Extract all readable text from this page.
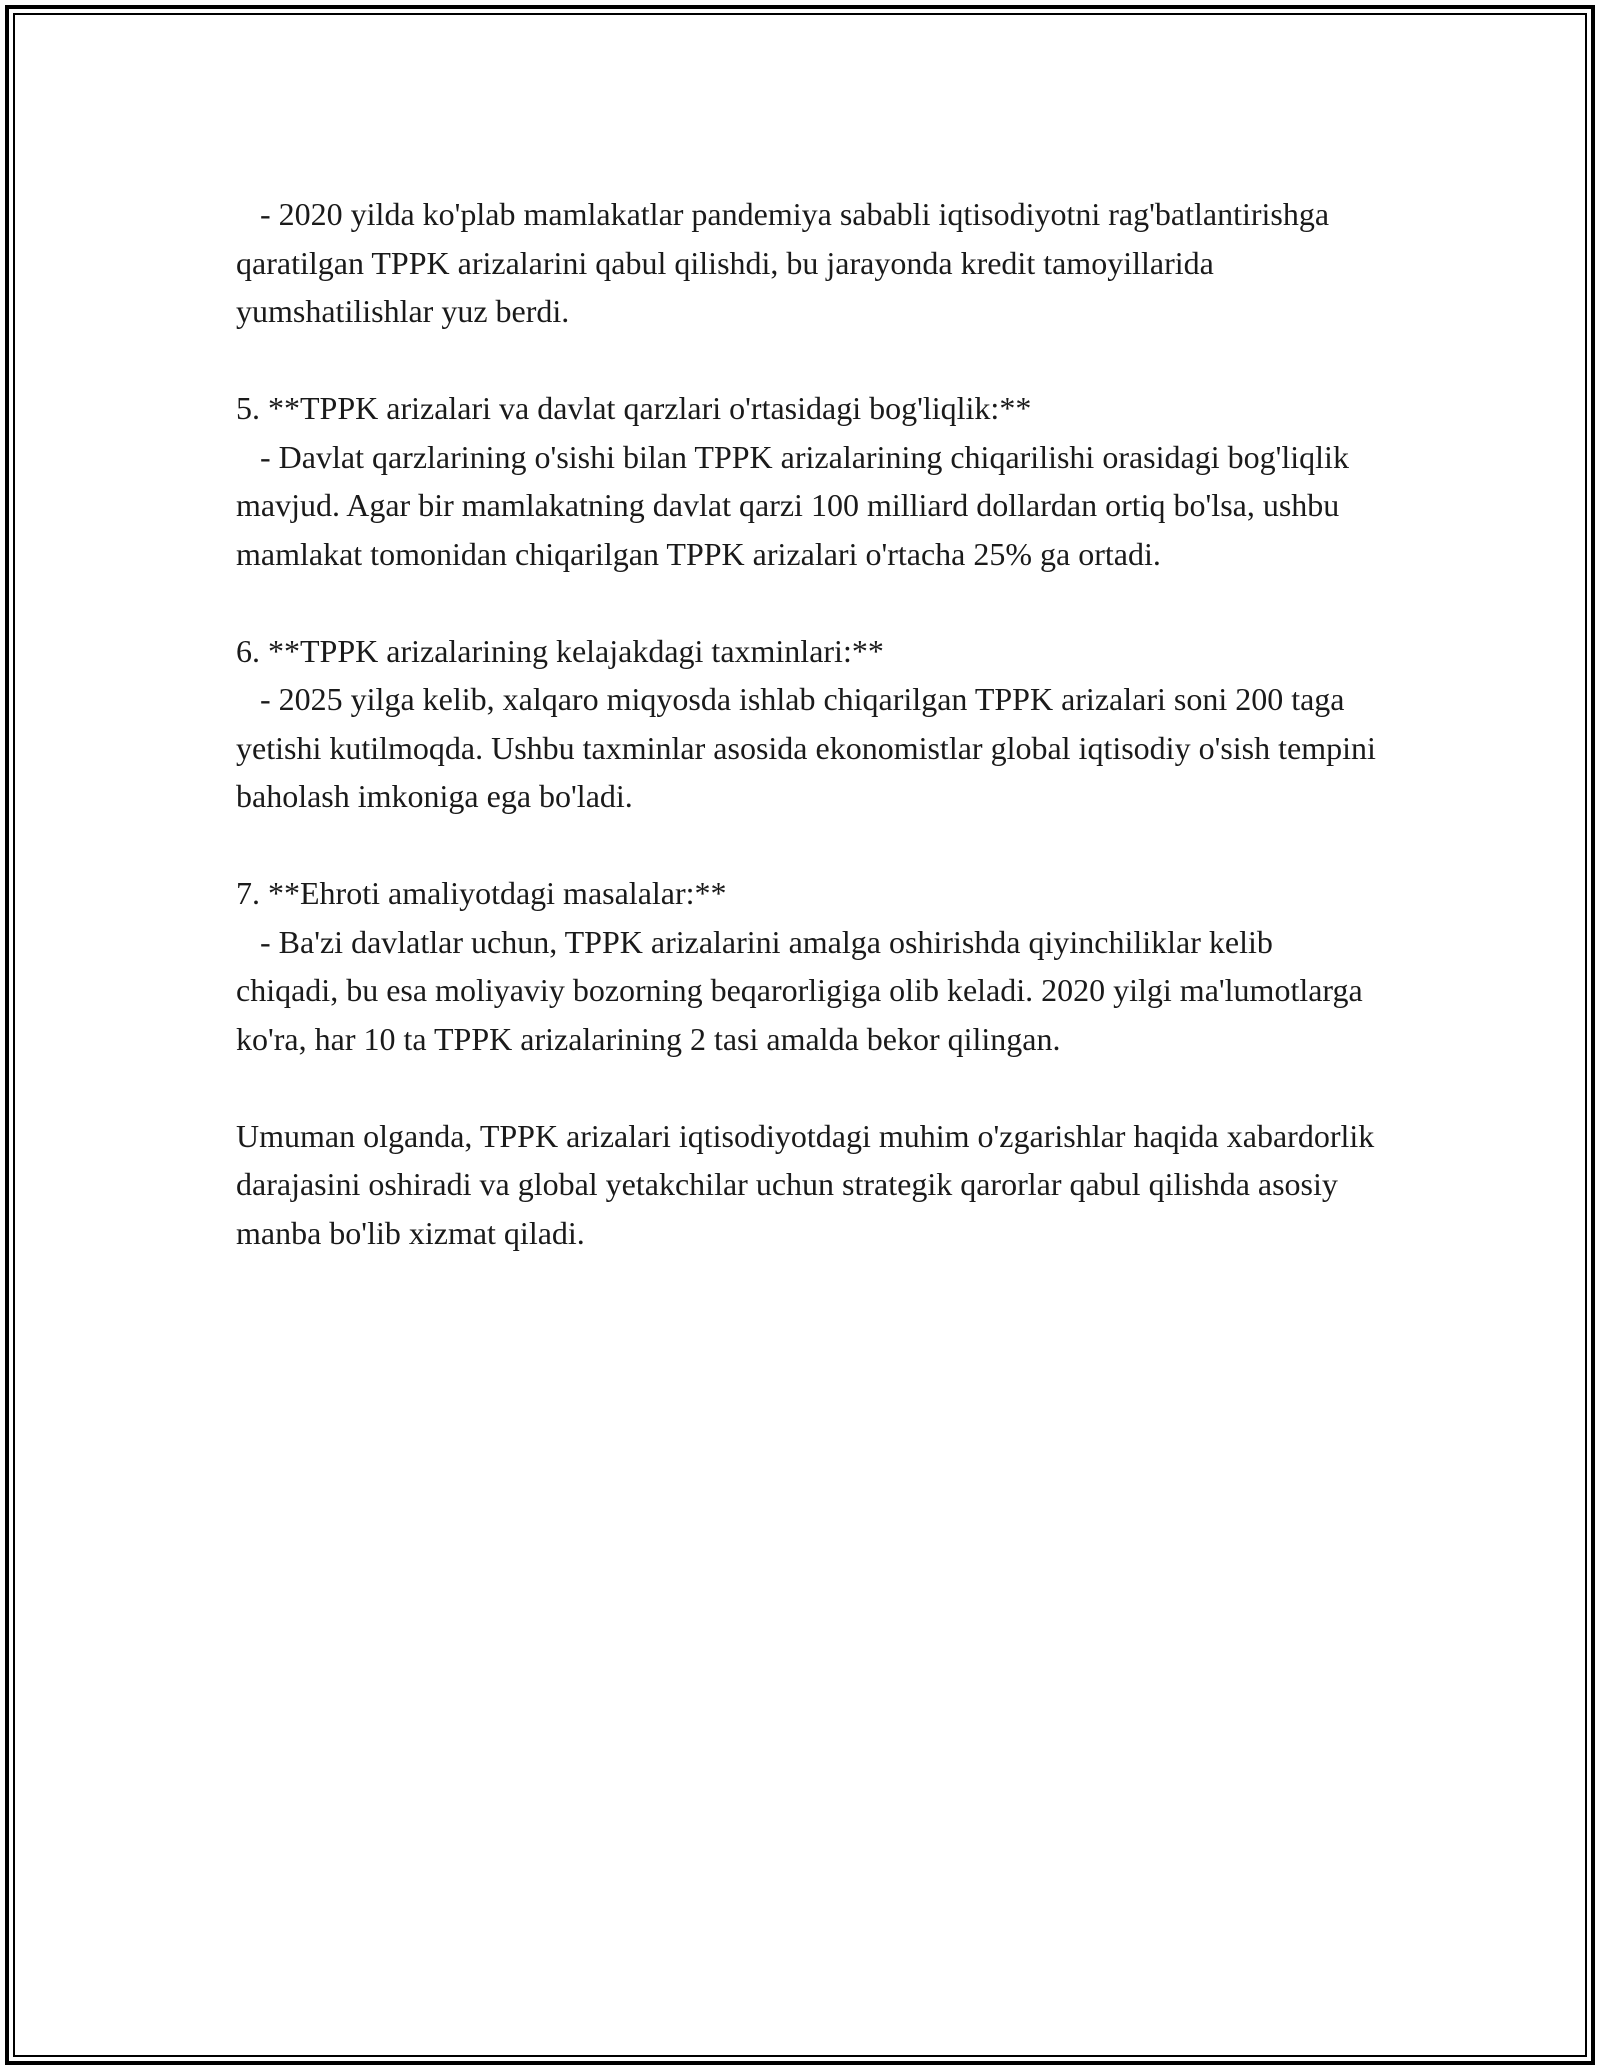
- 2020 yilda ko'plab mamlakatlar pandemiya sababli iqtisodiyotni rag'batlantirishga qaratilgan TPPK arizalarini qabul qilishdi, bu jarayonda kredit tamoyillarida yumshatilishlar yuz berdi.

5. **TPPK arizalari va davlat qarzlari o'rtasidagi bog'liqlik:**

- Davlat qarzlarining o'sishi bilan TPPK arizalarining chiqarilishi orasidagi bog'liqlik mavjud. Agar bir mamlakatning davlat qarzi 100 milliard dollardan ortiq bo'lsa, ushbu mamlakat tomonidan chiqarilgan TPPK arizalari o'rtacha 25% ga ortadi.

6. **TPPK arizalarining kelajakdagi taxminlari:**

- 2025 yilga kelib, xalqaro miqyosda ishlab chiqarilgan TPPK arizalari soni 200 taga yetishi kutilmoqda. Ushbu taxminlar asosida ekonomistlar global iqtisodiy o'sish tempini baholash imkoniga ega bo'ladi.

7. **Ehroti amaliyotdagi masalalar:**

- Ba'zi davlatlar uchun, TPPK arizalarini amalga oshirishda qiyinchiliklar kelib chiqadi, bu esa moliyaviy bozorning beqarorligiga olib keladi. 2020 yilgi ma'lumotlarga ko'ra, har 10 ta TPPK arizalarining 2 tasi amalda bekor qilingan.

Umuman olganda, TPPK arizalari iqtisodiyotdagi muhim o'zgarishlar haqida xabardorlik darajasini oshiradi va global yetakchilar uchun strategik qarorlar qabul qilishda asosiy manba bo'lib xizmat qiladi.
